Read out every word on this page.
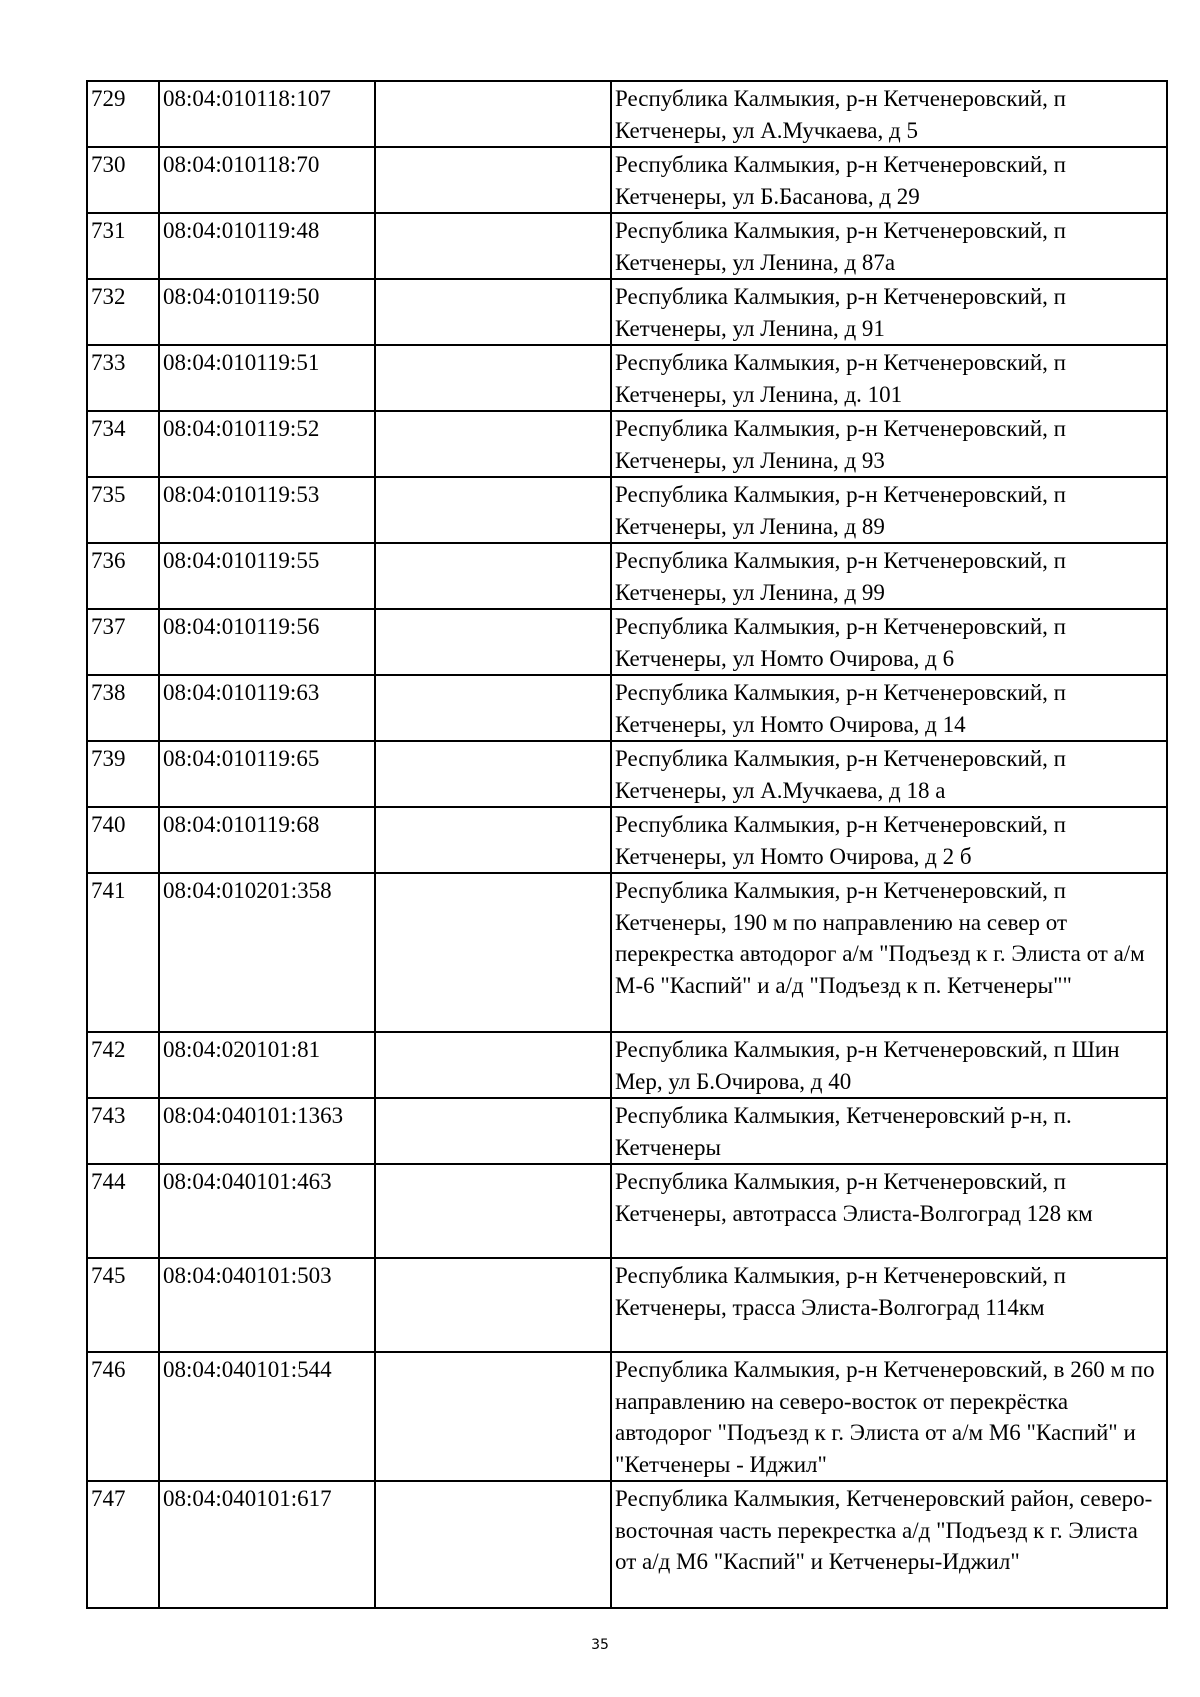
729	08:04:010118:107		Республика Калмыкия, р-н Кетченеровский, п Кетченеры, ул А.Мучкаева, д 5
730	08:04:010118:70		Республика Калмыкия, р-н Кетченеровский, п Кетченеры, ул Б.Басанова, д 29
731	08:04:010119:48		Республика Калмыкия, р-н Кетченеровский, п Кетченеры, ул Ленина, д 87а
732	08:04:010119:50		Республика Калмыкия, р-н Кетченеровский, п Кетченеры, ул Ленина, д 91
733	08:04:010119:51		Республика Калмыкия, р-н Кетченеровский, п Кетченеры, ул Ленина, д. 101
734	08:04:010119:52		Республика Калмыкия, р-н Кетченеровский, п Кетченеры, ул Ленина, д 93
735	08:04:010119:53		Республика Калмыкия, р-н Кетченеровский, п Кетченеры, ул Ленина, д 89
736	08:04:010119:55		Республика Калмыкия, р-н Кетченеровский, п Кетченеры, ул Ленина, д 99
737	08:04:010119:56		Республика Калмыкия, р-н Кетченеровский, п Кетченеры, ул Номто Очирова, д 6
738	08:04:010119:63		Республика Калмыкия, р-н Кетченеровский, п Кетченеры, ул Номто Очирова, д 14
739	08:04:010119:65		Республика Калмыкия, р-н Кетченеровский, п Кетченеры, ул А.Мучкаева, д 18 а
740	08:04:010119:68		Республика Калмыкия, р-н Кетченеровский, п Кетченеры, ул Номто Очирова, д 2 б
741	08:04:010201:358		Республика Калмыкия, р-н Кетченеровский, п Кетченеры, 190 м по направлению на север от перекрестка автодорог а/м "Подъезд к г. Элиста от а/м М-6 "Каспий" и а/д "Подъезд к п. Кетченеры""
742	08:04:020101:81		Республика Калмыкия, р-н Кетченеровский, п Шин Мер, ул Б.Очирова, д 40
743	08:04:040101:1363		Республика Калмыкия, Кетченеровский р-н, п. Кетченеры
744	08:04:040101:463		Республика Калмыкия, р-н Кетченеровский, п Кетченеры, автотрасса Элиста-Волгоград 128 км
745	08:04:040101:503		Республика Калмыкия, р-н Кетченеровский, п Кетченеры, трасса Элиста-Волгоград 114км
746	08:04:040101:544		Республика Калмыкия, р-н Кетченеровский, в 260 м по направлению на северо-восток от перекрёстка автодорог "Подъезд к г. Элиста от а/м М6 "Каспий" и "Кетченеры - Иджил"
747	08:04:040101:617		Республика Калмыкия, Кетченеровский район, северо-восточная часть перекрестка а/д "Подъезд к г. Элиста от а/д М6 "Каспий" и Кетченеры-Иджил"
35
